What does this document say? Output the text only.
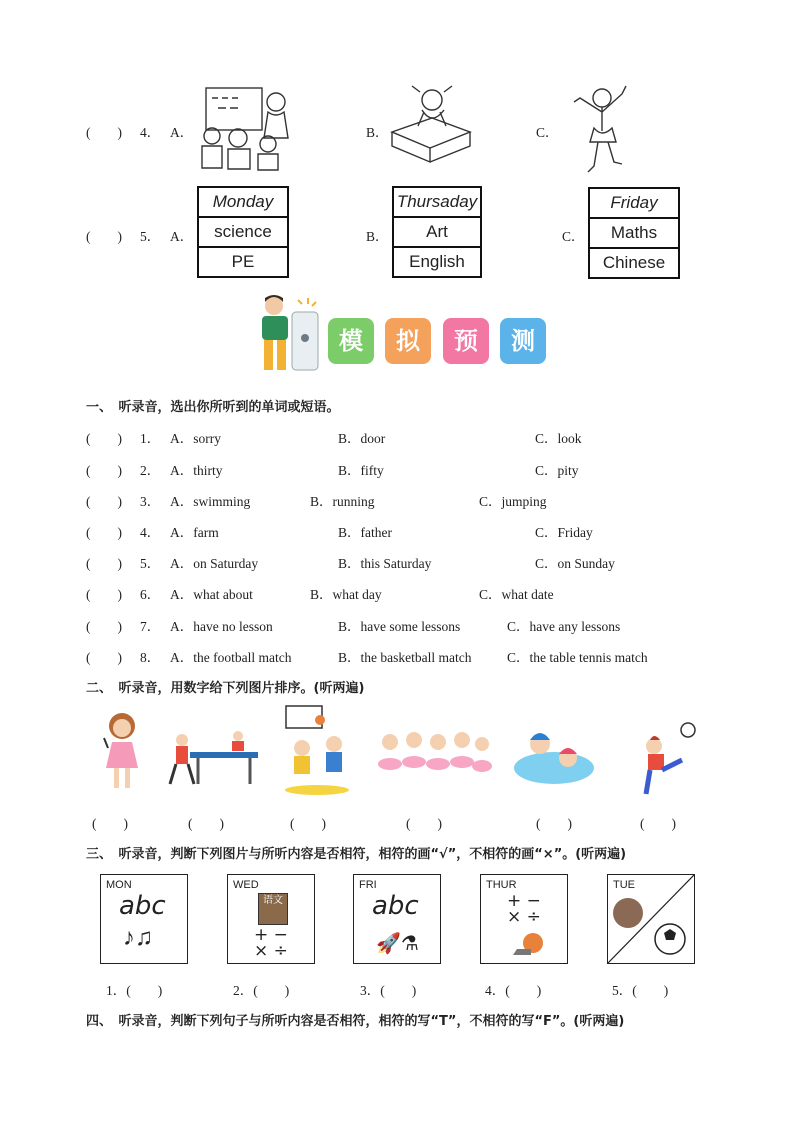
(　　) 4． A．	B．	C．
(　　) 5． A．	B．	C．
Monday
science
PE
Thursaday
Art
English
Friday
Maths
Chinese
模	拟	预	测
一、　听录音，选出你所听到的单词或短语。
(　　) 1． A．sorry	B．door	C．look
(　　) 2． A．thirty	B．fifty	C．pity
(　　) 3． A．swimming	B．running	C．jumping
(　　) 4． A．farm	B．father	C．Friday
(　　) 5． A．on Saturday	B．this Saturday	C．on Sunday
(　　) 6． A．what about	B．what day	C．what date
(　　) 7． A．have no lesson	B．have some lessons	C．have any lessons
(　　) 8． A．the football match	B．the basketball match	C．the table tennis match
二、　听录音，用数字给下列图片排序。(听两遍)
(　　)	(　　)	(　　)	(　　)	(　　)	(　　)
三、　听录音，判断下列图片与所听内容是否相符，相符的画“√”，不相符的画“×”。(听两遍)
MON
abc
♪♫
WED
语文
+ −
× ÷
FRI
abc
🚀⚗
THUR
+ −
× ÷
TUE
1．(　　)	2．(　　)	3．(　　)	4．(　　)	5．(　　)
四、　听录音，判断下列句子与所听内容是否相符，相符的写“T”，不相符的写“F”。(听两遍)
